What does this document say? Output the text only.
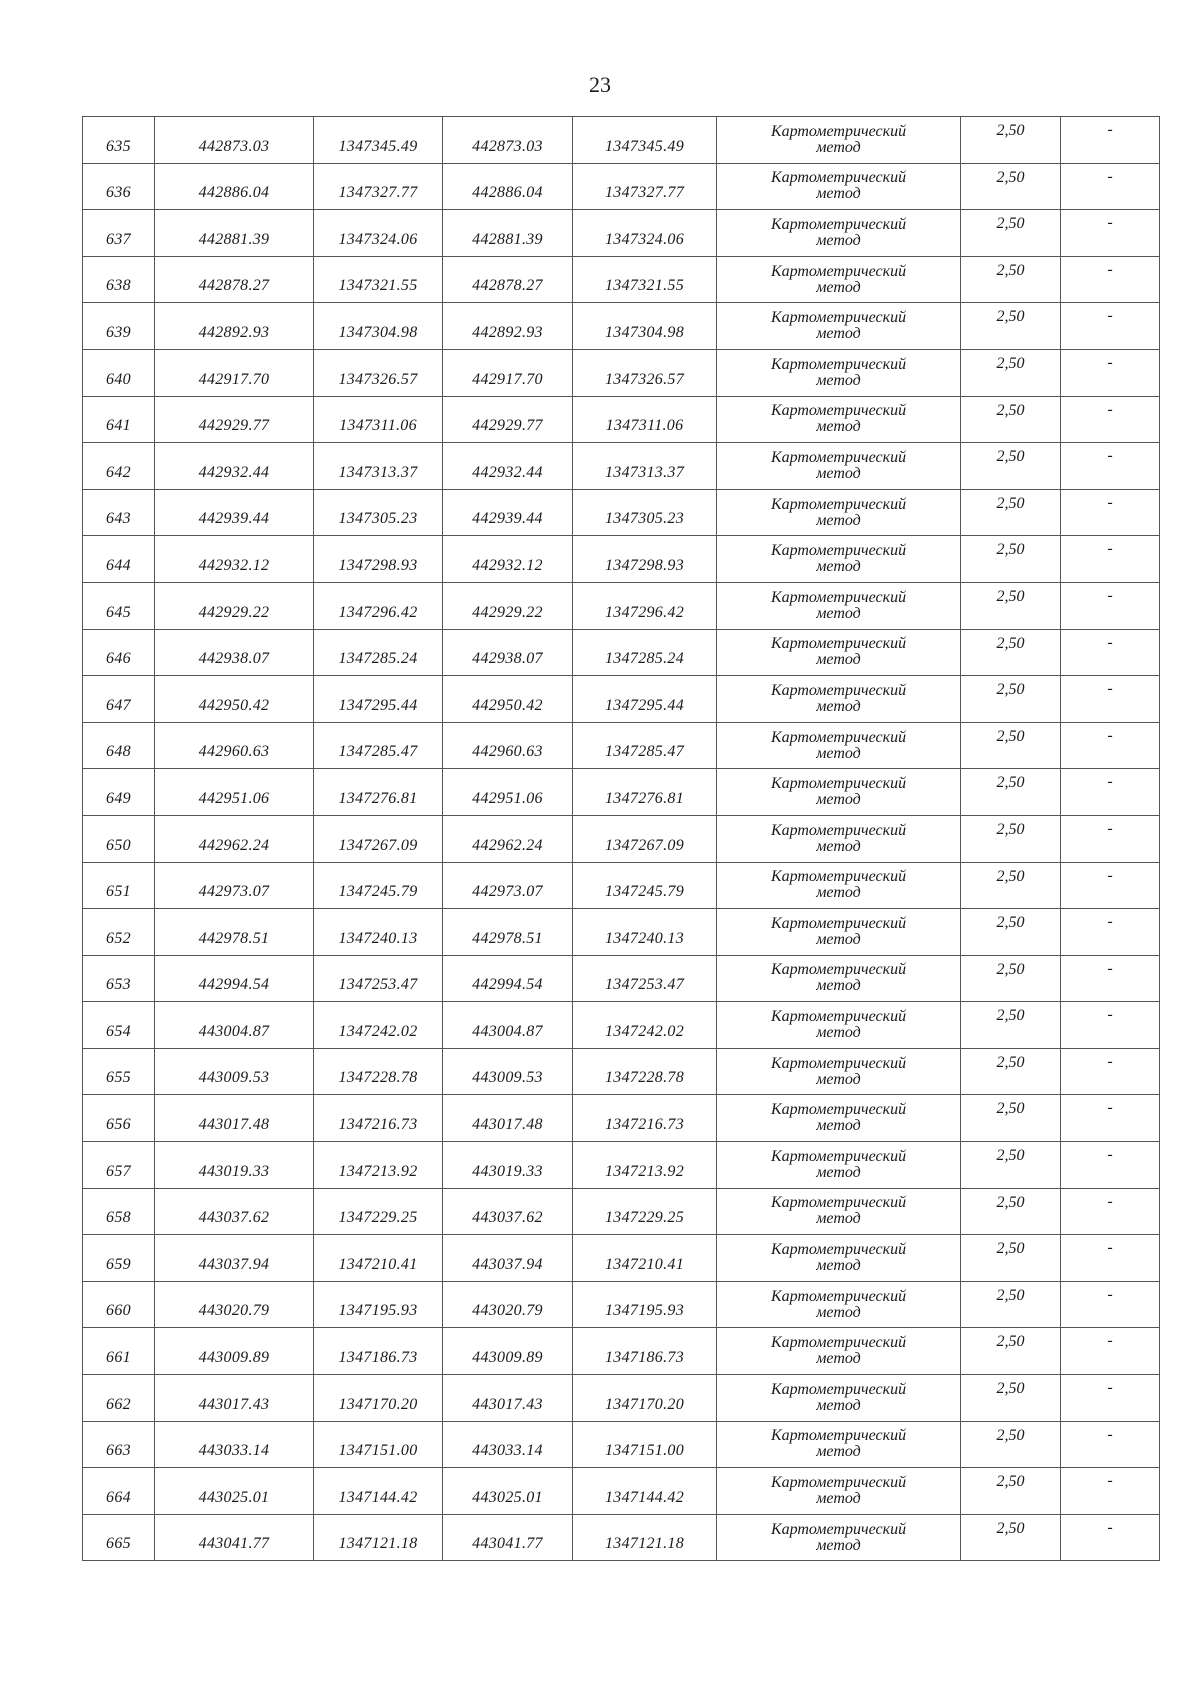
23
635	442873.03	1347345.49	442873.03	1347345.49	Картометрический
метод	2,50	-
636	442886.04	1347327.77	442886.04	1347327.77	Картометрический
метод	2,50	-
637	442881.39	1347324.06	442881.39	1347324.06	Картометрический
метод	2,50	-
638	442878.27	1347321.55	442878.27	1347321.55	Картометрический
метод	2,50	-
639	442892.93	1347304.98	442892.93	1347304.98	Картометрический
метод	2,50	-
640	442917.70	1347326.57	442917.70	1347326.57	Картометрический
метод	2,50	-
641	442929.77	1347311.06	442929.77	1347311.06	Картометрический
метод	2,50	-
642	442932.44	1347313.37	442932.44	1347313.37	Картометрический
метод	2,50	-
643	442939.44	1347305.23	442939.44	1347305.23	Картометрический
метод	2,50	-
644	442932.12	1347298.93	442932.12	1347298.93	Картометрический
метод	2,50	-
645	442929.22	1347296.42	442929.22	1347296.42	Картометрический
метод	2,50	-
646	442938.07	1347285.24	442938.07	1347285.24	Картометрический
метод	2,50	-
647	442950.42	1347295.44	442950.42	1347295.44	Картометрический
метод	2,50	-
648	442960.63	1347285.47	442960.63	1347285.47	Картометрический
метод	2,50	-
649	442951.06	1347276.81	442951.06	1347276.81	Картометрический
метод	2,50	-
650	442962.24	1347267.09	442962.24	1347267.09	Картометрический
метод	2,50	-
651	442973.07	1347245.79	442973.07	1347245.79	Картометрический
метод	2,50	-
652	442978.51	1347240.13	442978.51	1347240.13	Картометрический
метод	2,50	-
653	442994.54	1347253.47	442994.54	1347253.47	Картометрический
метод	2,50	-
654	443004.87	1347242.02	443004.87	1347242.02	Картометрический
метод	2,50	-
655	443009.53	1347228.78	443009.53	1347228.78	Картометрический
метод	2,50	-
656	443017.48	1347216.73	443017.48	1347216.73	Картометрический
метод	2,50	-
657	443019.33	1347213.92	443019.33	1347213.92	Картометрический
метод	2,50	-
658	443037.62	1347229.25	443037.62	1347229.25	Картометрический
метод	2,50	-
659	443037.94	1347210.41	443037.94	1347210.41	Картометрический
метод	2,50	-
660	443020.79	1347195.93	443020.79	1347195.93	Картометрический
метод	2,50	-
661	443009.89	1347186.73	443009.89	1347186.73	Картометрический
метод	2,50	-
662	443017.43	1347170.20	443017.43	1347170.20	Картометрический
метод	2,50	-
663	443033.14	1347151.00	443033.14	1347151.00	Картометрический
метод	2,50	-
664	443025.01	1347144.42	443025.01	1347144.42	Картометрический
метод	2,50	-
665	443041.77	1347121.18	443041.77	1347121.18	Картометрический
метод	2,50	-
